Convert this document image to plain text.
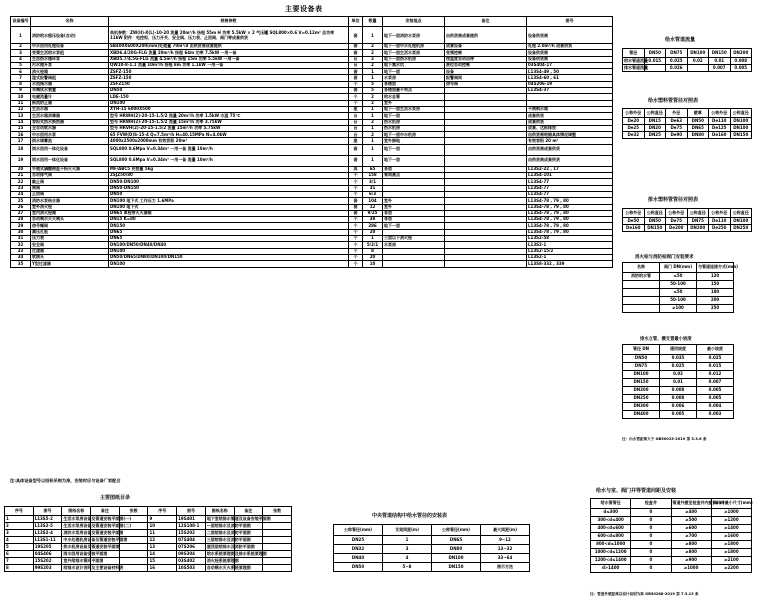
主要设备表
设备编号	名称	规格参数	单位	数量	安装地点	备注	图号
1	消防给水稳压设备(自动)	单机参数：ZW(II)-X(L)-10-20 流量 20m³/h 扬程 55m H 功率 5.5kW × 2 气压罐 SQL800×0.6 V=0.12m³ 总功率 11kW 附件：电控柜、压力开关、安全阀、压力表、止回阀、阀门等成套供货	套	1	地下一层消防水泵房	由供货商成套提供	设备供货商
2	中水回用处理设备	SB400X600X200(mm)处理量 70m³/d 由供货商成套提供	套	2	地下一层中水处理机房	成套设备	处理 2.0m³/h 成套供货
3	变频生活给水泵组	XBD6.4/20G-FLG 流量 20m³/h 扬程 64m 功率 7.5kW 一用一备	套	2	地下一层生活水泵房	变频控制	设备供货商
4	生活热水循环泵	XBD5.7/4.5G-FLG 流量 4.5m³/h 扬程 15m 功率 5.5kW 一用一备	台	2	地下一层热水机房	按温度自动启停	设备供货商
5	污水提升泵	QW10-8-1.1 流量 10m³/h 扬程 8m 功率 1.1kW 一用一备	台	2	地下集水坑	液位自动控制	03S404-17
6	消火栓箱	ZSFZ-150	套	1	地下一层	设备	L13S4-49 , 50
7	湿式报警阀组	ZSFZ-150	套	1	水泵房	报警阀间	L13S4-60 , 61
8	水流指示器	ZSFZ150	个	5	各楼层	信号阀	04S206-19
9	末端试水装置	DN50	套	5	各楼层最不利点		L13S4-37
10	电磁流量计	LDE-150	个	2	给水总管		
11	倒流防止器	DN100	个	2	室外		
12	生活水箱	XYH-15 6000X500	座	1	地下一层生活水泵房		不锈钢水箱
13	生活水箱消毒器	型号 HRWH(2)-20-15-1.5/2 流量 20m³/h 功率 1.5kW 水温 75℃	台	1	地下一层		成套供货
14	容积式热水换热器	型号 HRWH(2)-20-15-1.5/2 流量 15m³/h 功率 3.75kW	台	2	热水机房		成套供货
15	全自动软水器	型号 HRVH(2)-20-15-1.5/2 流量 15m³/h 功率 5.75kW	台	1	热水机房		成套、达标排放
16	中水回用水泵	65 FVW(D)S-15-4 Q=7.5m³/h H=40.15MPa N=4.0kW	台	2	地下一层中水机房		由供货商根据具体情况调整
17	雨水调蓄池	4000x2500x2000mm 有效容积 20m³	座	1	室外绿地		有效容积 20 m³
18	雨水回用一体化设备	SQL800 0.6Mpa V=0.34m³ 一用一备 流量 10m³/h	套	1	地下一层		由供货商成套供货
19	雨水回用一体化设备	SQL800 0.6Mpa V=0.34m³ 一用一备 流量 10m³/h	套	1	地下一层		由供货商成套供货
20	手提式磷酸铵盐干粉灭火器	MF/ABC5 充装量 5kg	具	65	各层		L13S2-22 , 17
21	自动排气阀	ZSJZ50/80	个	158	管网高点		L13S4-101
22	截止阀	DN50-DN100	个	3/1			L13S4-77
23	闸阀	DN50-DN150	个	31			L13S4-77
24	止回阀	DN50	个	6/3			L13S4-77
25	消防水泵结合器	DN100 地下式 工作压力 1.6MPa	套	104	室外		L13S4-78 , 79 , 80
26	室外消火栓	DN100 地下式	套	12	室外		L13S4-78 , 79 , 80
27	室内消火栓箱	DN65 单栓带灭火器箱	套	9/25	各层		L13S4-78 , 79 , 80
28	自动喷水灭火喷头	DN15 K=80	个	38	各层		L13S4-78 , 79 , 80
29	信号蝶阀	DN150	个	286	地下一层		L13S4-78 , 79 , 80
30	减压孔板	DN65	个	20			L13S4-78 , 79 , 80
31	压力表	DN65	个	1	三层以下消火栓		L13S2-58
32	安全阀	DN100/DN50/DN40/DN40	个	5/2/1	水泵房		L13S2-1
33	过滤器	DN100	个	8			L13S2-15/2
34	软接头	DN50/DN65/DN80/DN100/DN150	个	20			L13S2-1
35	Y型过滤器	DN100	个	10			L13S8-332 , 339
注:具体设备型号以招标采购为准，安装时应与设备厂家配合
给水管道流量
管径	DN50	DN75	DN100	DN150	DN200
给水管道流量	0.015	0.025	0.02	0.01	0.008
排水管道流量		0.026		0.007	0.005
给水塑料管管径对照表
公称外径	公称直径	外径	壁厚	公称外径	公称直径
De20	DN15	De63	DN50	De110	DN100
De25	DN20	De75	DN65	De125	DN100
De32	DN25	De90	DN80	De160	DN150
排水塑料管管径对照表
公称外径	公称直径	公称外径	公称直径	公称外径	公称直径
De50	DN50	De75	DN75	De110	DN100
De160	DN150	De200	DN200	De250	DN250
消火栓与消防栓阀门安装要求
名称	阀门 DN(mm)	与管道连接方式(mm)
消防给水管	≤50	120
	50-100	150
	≤50	180
	50-100	200
	≥100	250
排水立管、横支管最小坡度
管径 DN	通用坡度	最小坡度
DN50	0.035	0.025
DN75	0.025	0.015
DN100	0.02	0.012
DN150	0.01	0.007
DN200	0.008	0.005
DN250	0.008	0.005
DN300	0.006	0.004
DN400	0.005	0.003
注：出水管距离大于 GB50015-2019 第 3.3.6 条
主要图纸目录
序号	图号	图纸名称	备注	张数	序号	图号	图纸名称	备注	张数
1	L13S5-2	生活水泵房设备及管道安装平面图(一)			9	19S401	地下室给排水管道及设备安装平面图		
2	L13S2-5	生活水泵房设备及管道安装平面图(二)			10	12S108-1	一层给排水及消防平面图		
3	L13S2-4	消防水泵房设备及管道安装平面图			11	15S202	二层给排水及消防平面图		
4	L13S1-11	中水处理机房设备及管道安装平面图			12	07S404	三层给排水及消防平面图		
5	19S205	热水机房设备及管道安装平面图			13	07S206	屋顶层给排水及消防平面图		
6	04S406	雨水回用设备安装平面图			14	09S304	给水系统原理图及排水系统原理图		
7	15S202	室外给排水管网平面图			15	03S402	消火栓系统原理图		
8	99S203	给排水设计说明及主要设备材料表			16	10S503	自动喷水灭火系统原理图		
中央管道结构中给水管径的安装表
公称管径(mm)	支架间距(m)	公称管径(mm)	最大间距(m)
DN25	1	DN65	9~12
DN32	3	DN80	13~32
DN40	4	DN100	33~64
DN50	5~8	DN150	图示方法
给水与室、阀门井等管道间距及安装
给水管管径	检查井	管道外壁至检查井内壁(mm)	阀门井最小尺寸(mm)
d≤300	0	≥400	≥1000
300<d≤400	0	≥500	≥1200
400<d≤600	0	≥600	≥1400
600<d≤800	0	≥700	≥1600
800<d≤1000	0	≥800	≥1800
1000<d≤1200	0	≥800	≥1800
1200<d≤1400	0	≥900	≥2100
d>1400	0	≥1000	≥2200
注：管道外壁距离以设计说明为准 GB50268-2019 第 7.3.13 条
